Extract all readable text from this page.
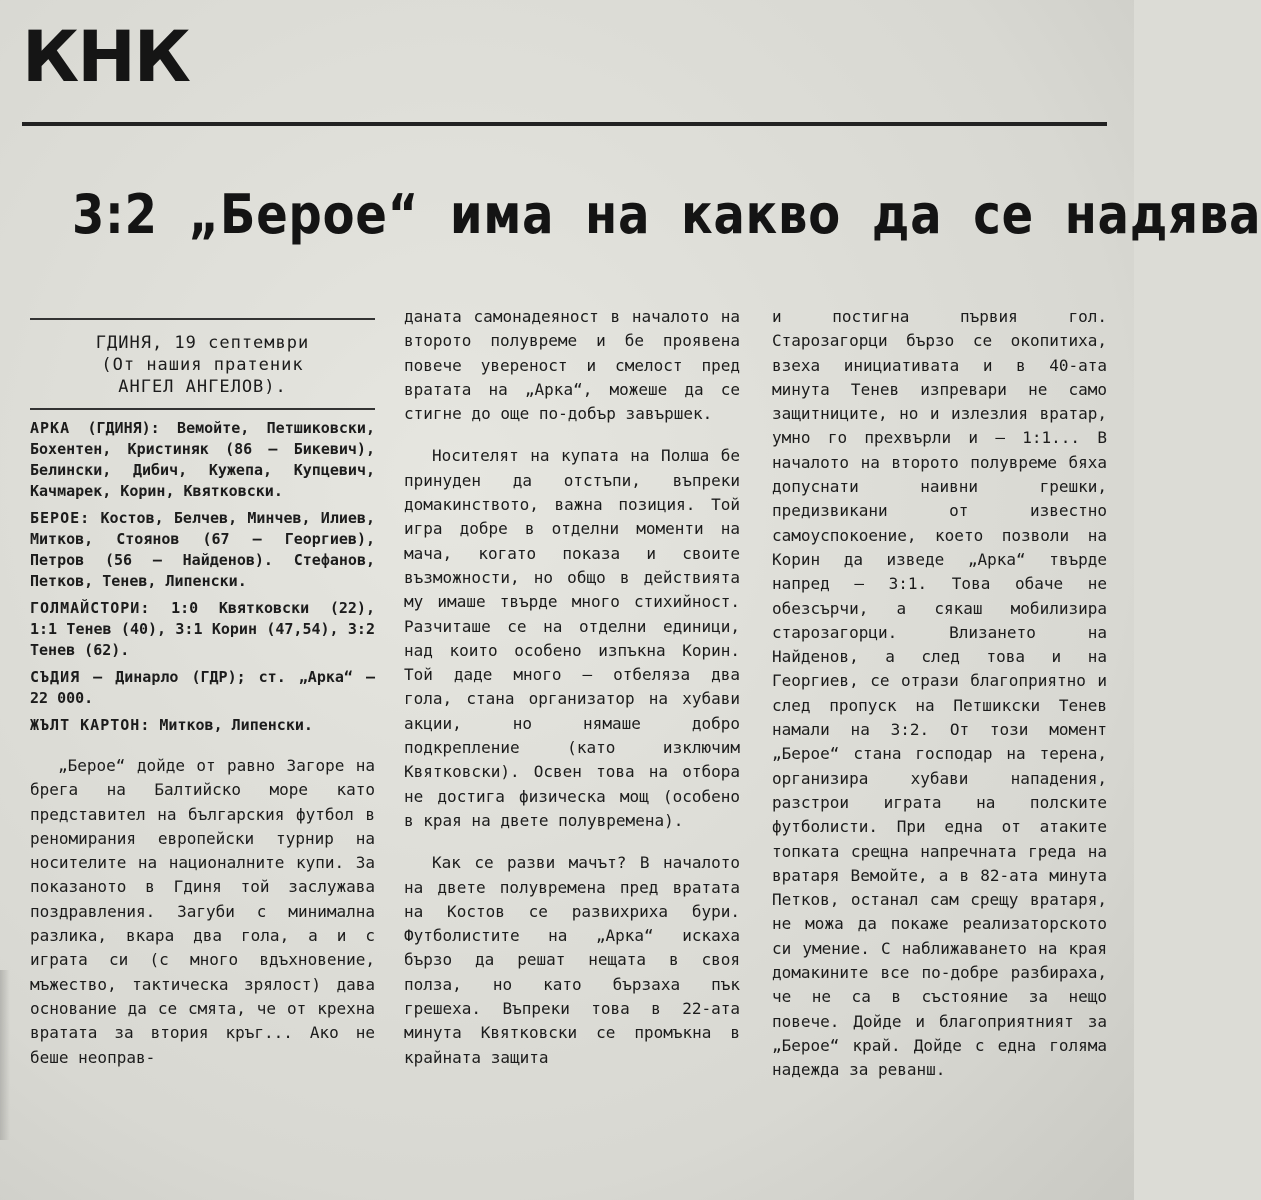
КНК
3:2 „Берое“ има на какво да се надява
ГДИНЯ, 19 септември
(От нашия пратеник
АНГЕЛ АНГЕЛОВ).

АРКА (ГДИНЯ): Вемойте, Петшиковски, Бохентен, Кристиняк (86 — Бикевич), Белински, Дибич, Кужепа, Купцевич, Качмарек, Корин, Квятковски.

БЕРОЕ: Костов, Белчев, Минчев, Илиев, Митков, Стоянов (67 — Георгиев), Петров (56 — Найденов). Стефанов, Петков, Тенев, Липенски.

ГОЛМАЙСТОРИ: 1:0 Квятковски (22), 1:1 Тенев (40), 3:1 Корин (47,54), 3:2 Тенев (62).

СЪДИЯ — Динарло (ГДР); ст. „Арка“ — 22 000.

ЖЪЛТ КАРТОН: Митков, Липенски.

„Берое“ дойде от равно Загоре на брега на Балтийско море като представител на българския футбол в реномирания европейски турнир на носителите на националните купи. За показаното в Гдиня той заслужава поздравления. Загуби с минимална разлика, вкара два гола, а и с играта си (с много вдъхновение, мъжество, тактическа зрялост) дава основание да се смята, че от крехна вратата за втория кръг... Ако не беше неоправ-

даната самонадеяност в началото на второто полувреме и бе проявена повече увереност и смелост пред вратата на „Арка“, можеше да се стигне до още по-добър завършек.

Носителят на купата на Полша бе принуден да отстъпи, въпреки домакинството, важна позиция. Той игра добре в отделни моменти на мача, когато показа и своите възможности, но общо в действията му имаше твърде много стихийност. Разчиташе се на отделни единици, над които особено изпъкна Корин. Той даде много — отбеляза два гола, стана организатор на хубави акции, но нямаше добро подкрепление (като изключим Квятковски). Освен това на отбора не достига физическа мощ (особено в края на двете полувремена).

Как се разви мачът? В началото на двете полувремена пред вратата на Костов се развихриха бури. Футболистите на „Арка“ искаха бързо да решат нещата в своя полза, но като бързаха пък грешеха. Въпреки това в 22-ата минута Квятковски се промъкна в крайната защита

и постигна първия гол. Старозагорци бързо се окопитиха, взеха инициативата и в 40-ата минута Тенев изпревари не само защитниците, но и излезлия вратар, умно го прехвърли и — 1:1... В началото на второто полувреме бяха допуснати наивни грешки, предизвикани от известно самоуспокоение, което позволи на Корин да изведе „Арка“ твърде напред — 3:1. Това обаче не обезсърчи, а сякаш мобилизира старозагорци. Влизането на Найденов, а след това и на Георгиев, се отрази благоприятно и след пропуск на Петшикски Тенев намали на 3:2. От този момент „Берое“ стана господар на терена, организира хубави нападения, разстрои играта на полските футболисти. При една от атаките топката срещна напречната греда на вратаря Вемойте, а в 82-ата минута Петков, останал сам срещу вратаря, не можа да покаже реализаторското си умение. С наближаването на края домакините все по-добре разбираха, че не са в състояние за нещо повече. Дойде и благоприятният за „Берое“ край. Дойде с една голяма надежда за реванш.
